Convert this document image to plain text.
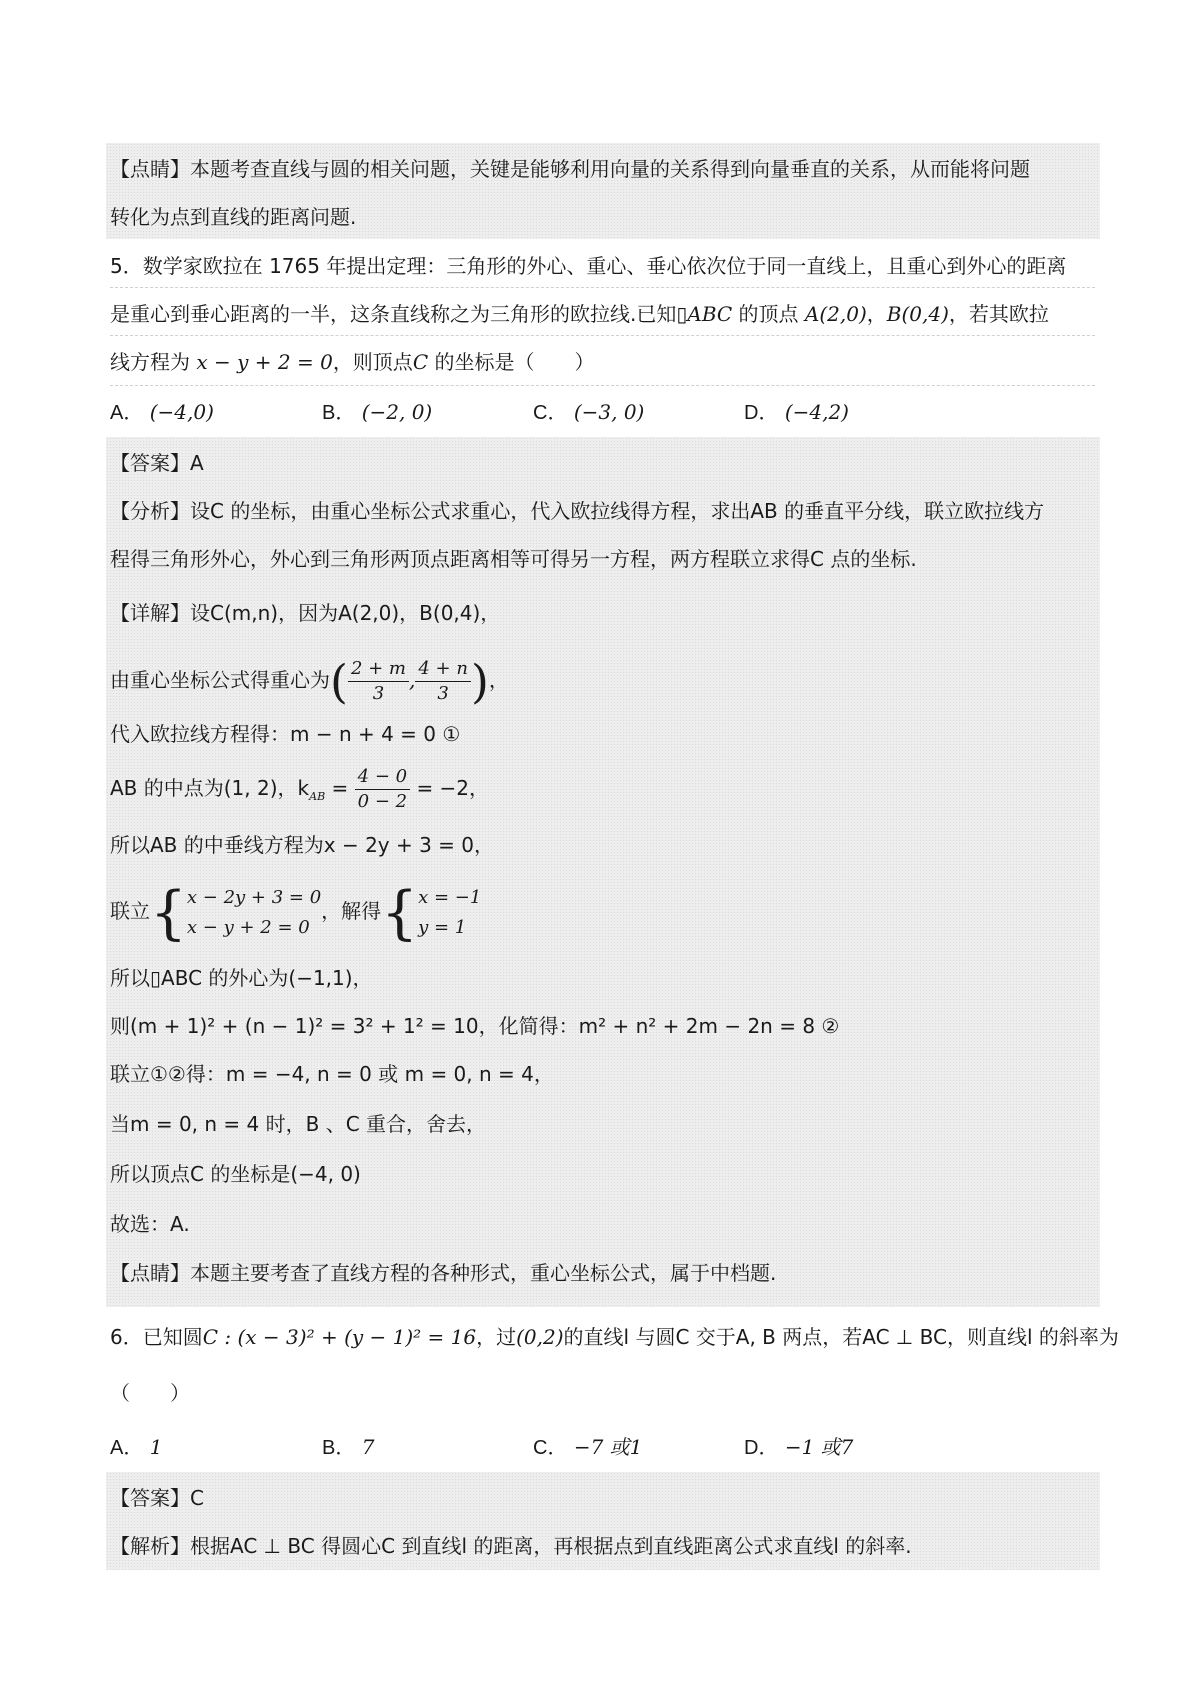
【点睛】本题考查直线与圆的相关问题，关键是能够利用向量的关系得到向量垂直的关系，从而能将问题
转化为点到直线的距离问题.
5．数学家欧拉在 1765 年提出定理：三角形的外心、重心、垂心依次位于同一直线上，且重心到外心的距离
是重心到垂心距离的一半，这条直线称之为三角形的欧拉线.已知▯ABC 的顶点 A(2,0)，B(0,4)，若其欧拉
线方程为 x − y + 2 = 0，则顶点C 的坐标是（　　）
A． (−4,0)	B． (−2, 0)	C． (−3, 0)	D． (−4,2)
【答案】A
【分析】设C 的坐标，由重心坐标公式求重心，代入欧拉线得方程，求出AB 的垂直平分线，联立欧拉线方
程得三角形外心，外心到三角形两顶点距离相等可得另一方程，两方程联立求得C 点的坐标.
【详解】设C(m,n)，因为A(2,0)，B(0,4)，
由重心坐标公式得重心为( $\frac{2 + m}{3}$ , $\frac{4 + n}{3}$ )，
代入欧拉线方程得：m − n + 4 = 0 ①
AB 的中点为(1, 2)，$k_{AB} = \frac{4 - 0}{0 - 2} = -2$，
所以AB 的中垂线方程为x − 2y + 3 = 0，
联立{ x − 2y + 3 = 0
x − y + 2 = 0
，解得{ x = −1
y = 1
所以▯ABC 的外心为(−1,1)，
则(m + 1)² + (n − 1)² = 3² + 1² = 10，化简得：m² + n² + 2m − 2n = 8 ②
联立①②得：m = −4, n = 0 或 m = 0, n = 4，
当m = 0, n = 4 时，B 、C 重合，舍去，
所以顶点C 的坐标是(−4, 0)
故选：A.
【点睛】本题主要考查了直线方程的各种形式，重心坐标公式，属于中档题.
6．已知圆C : (x − 3)² + (y − 1)² = 16，过(0,2)的直线l 与圆C 交于A, B 两点，若AC ⊥ BC，则直线l 的斜率为
（　　）
A． 1	B． 7	C． −7 或1	D． −1 或7
【答案】C
【解析】根据AC ⊥ BC 得圆心C 到直线l 的距离，再根据点到直线距离公式求直线l 的斜率.
